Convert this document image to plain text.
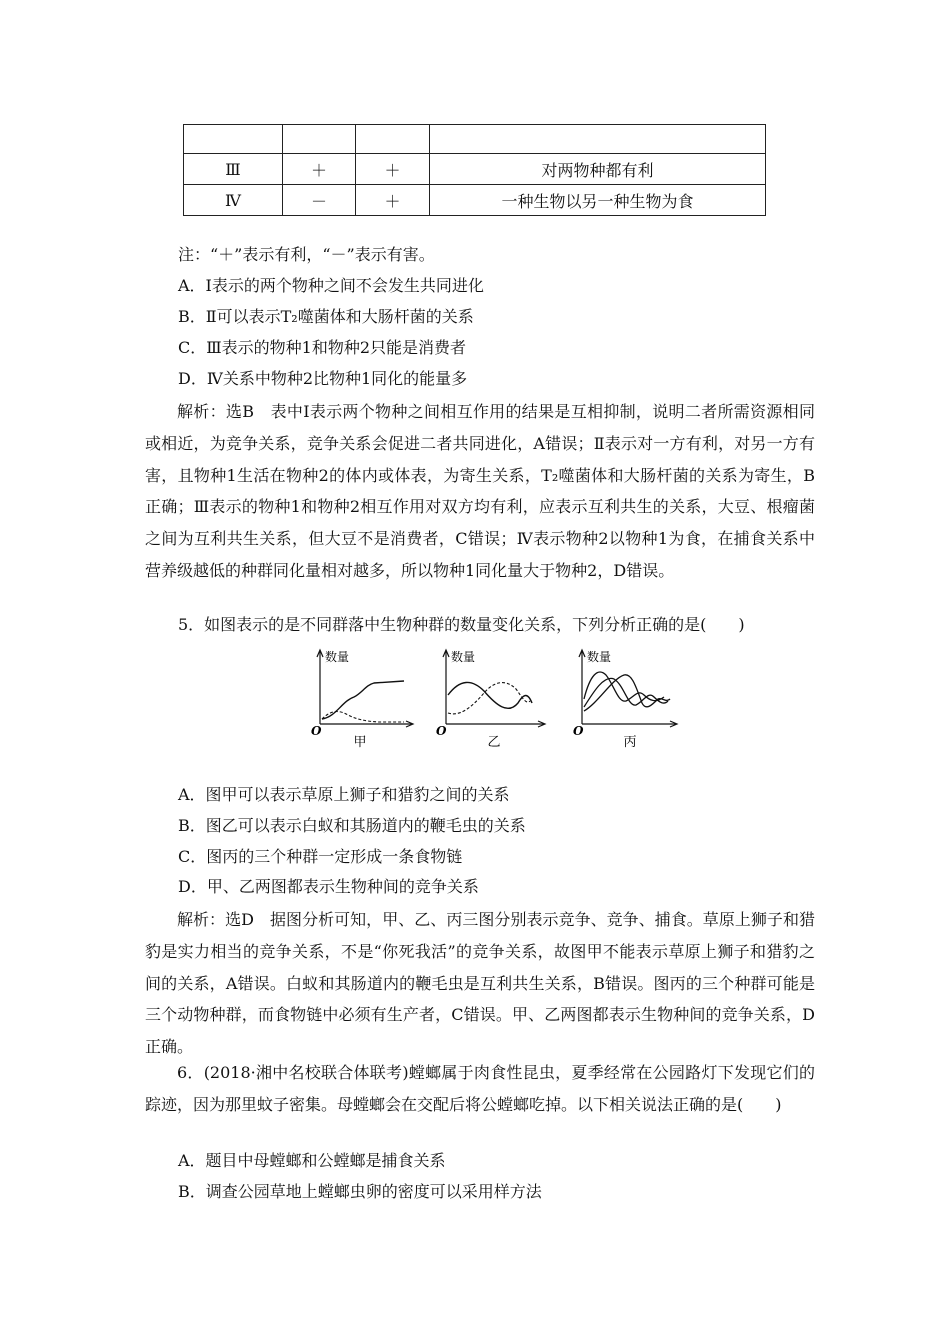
Ⅲ	＋	＋	对两物种都有利
Ⅳ	－	＋	一种生物以另一种生物为食
注：“＋”表示有利，“－”表示有害。
A．Ⅰ表示的两个物种之间不会发生共同进化
B．Ⅱ可以表示T₂噬菌体和大肠杆菌的关系
C．Ⅲ表示的物种1和物种2只能是消费者
D．Ⅳ关系中物种2比物种1同化的能量多
解析：选B　表中Ⅰ表示两个物种之间相互作用的结果是互相抑制，说明二者所需资源相同或相近，为竞争关系，竞争关系会促进二者共同进化，A错误；Ⅱ表示对一方有利，对另一方有害，且物种1生活在物种2的体内或体表，为寄生关系，T₂噬菌体和大肠杆菌的关系为寄生，B正确；Ⅲ表示的物种1和物种2相互作用对双方均有利，应表示互利共生的关系，大豆、根瘤菌之间为互利共生关系，但大豆不是消费者，C错误；Ⅳ表示物种2以物种1为食，在捕食关系中营养级越低的种群同化量相对越多，所以物种1同化量大于物种2，D错误。
5．如图表示的是不同群落中生物种群的数量变化关系，下列分析正确的是(　　)
数量
O
甲
数量
O
乙
数量
O
丙
A．图甲可以表示草原上狮子和猎豹之间的关系
B．图乙可以表示白蚁和其肠道内的鞭毛虫的关系
C．图丙的三个种群一定形成一条食物链
D．甲、乙两图都表示生物种间的竞争关系
解析：选D　据图分析可知，甲、乙、丙三图分别表示竞争、竞争、捕食。草原上狮子和猎豹是实力相当的竞争关系，不是“你死我活”的竞争关系，故图甲不能表示草原上狮子和猎豹之间的关系，A错误。白蚁和其肠道内的鞭毛虫是互利共生关系，B错误。图丙的三个种群可能是三个动物种群，而食物链中必须有生产者，C错误。甲、乙两图都表示生物种间的竞争关系，D正确。
6．(2018·湘中名校联合体联考)螳螂属于肉食性昆虫，夏季经常在公园路灯下发现它们的踪迹，因为那里蚊子密集。母螳螂会在交配后将公螳螂吃掉。以下相关说法正确的是(　　)
A．题目中母螳螂和公螳螂是捕食关系
B．调查公园草地上螳螂虫卵的密度可以采用样方法
